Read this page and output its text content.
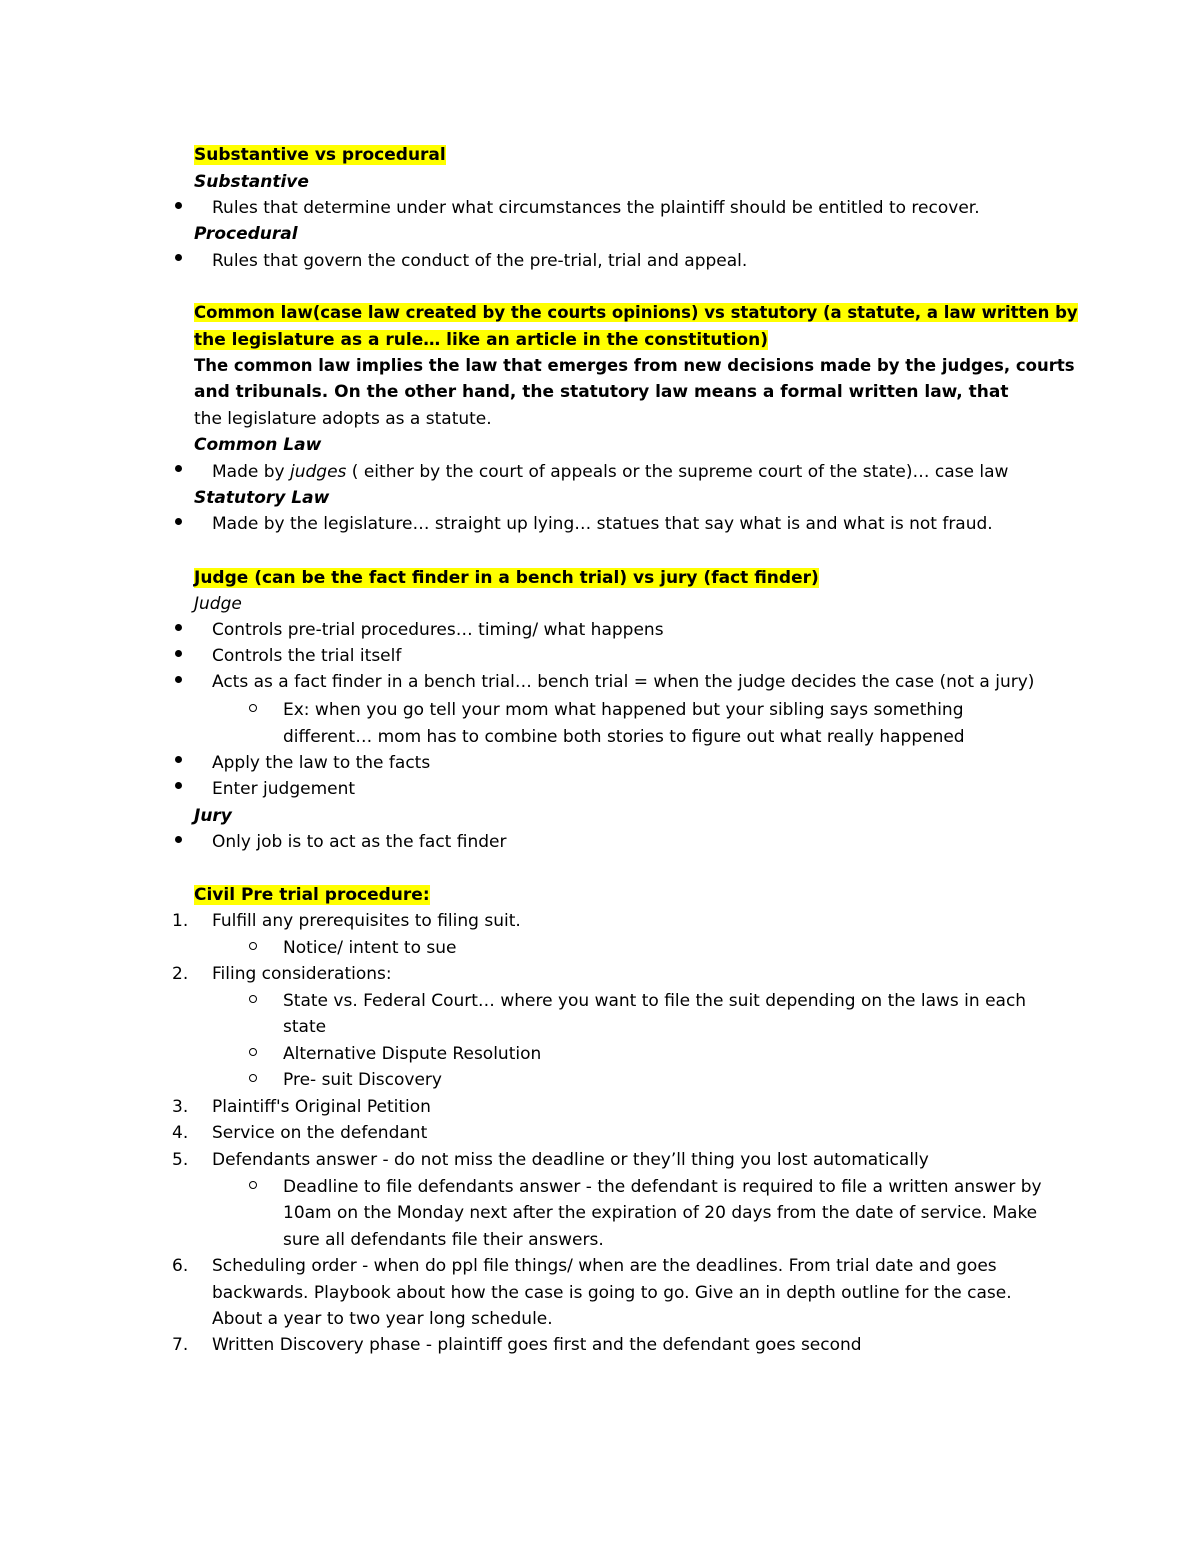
Substantive vs procedural
Substantive
Rules that determine under what circumstances the plaintiff should be entitled to recover.
Procedural
Rules that govern the conduct of the pre-trial, trial and appeal.
Common law(case law created by the courts opinions) vs statutory (a statute, a law written by
the legislature as a rule… like an article in the constitution)
The common law implies the law that emerges from new decisions made by the judges, courts
and tribunals. On the other hand, the statutory law means a formal written law, that
the legislature adopts as a statute.
Common Law
Made by judges ( either by the court of appeals or the supreme court of the state)… case law
Statutory Law
Made by the legislature… straight up lying… statues that say what is and what is not fraud.
Judge (can be the fact finder in a bench trial) vs jury (fact finder)
Judge
Controls pre-trial procedures… timing/ what happens
Controls the trial itself
Acts as a fact finder in a bench trial… bench trial = when the judge decides the case (not a jury)
Ex: when you go tell your mom what happened but your sibling says something
different… mom has to combine both stories to figure out what really happened
Apply the law to the facts
Enter judgement
Jury
Only job is to act as the fact finder
Civil Pre trial procedure:
1.	Fulfill any prerequisites to filing suit.
Notice/ intent to sue
2.	Filing considerations:
State vs. Federal Court… where you want to file the suit depending on the laws in each
state
Alternative Dispute Resolution
Pre- suit Discovery
3.	Plaintiff's Original Petition
4.	Service on the defendant
5.	Defendants answer - do not miss the deadline or they’ll thing you lost automatically
Deadline to file defendants answer - the defendant is required to file a written answer by
10am on the Monday next after the expiration of 20 days from the date of service. Make
sure all defendants file their answers.
6.	Scheduling order - when do ppl file things/ when are the deadlines. From trial date and goes
backwards. Playbook about how the case is going to go. Give an in depth outline for the case.
About a year to two year long schedule.
7.	Written Discovery phase - plaintiff goes first and the defendant goes second
